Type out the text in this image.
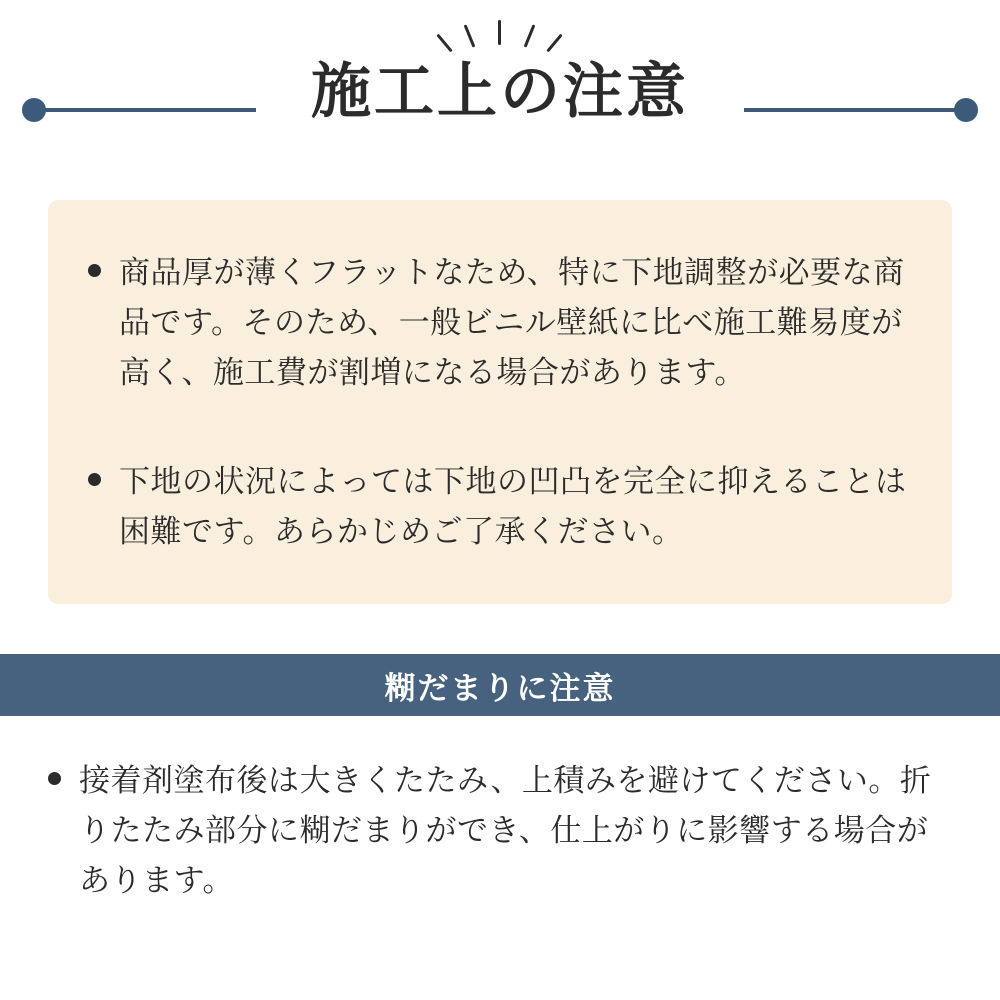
施工上の注意
商品厚が薄くフラットなため、特に下地調整が必要な商品です。そのため、一般ビニル壁紙に比べ施工難易度が高く、施工費が割増になる場合があります。
下地の状況によっては下地の凹凸を完全に抑えることは困難です。あらかじめご了承ください。
糊だまりに注意
接着剤塗布後は大きくたたみ、上積みを避けてください。折りたたみ部分に糊だまりができ、仕上がりに影響する場合があります。
